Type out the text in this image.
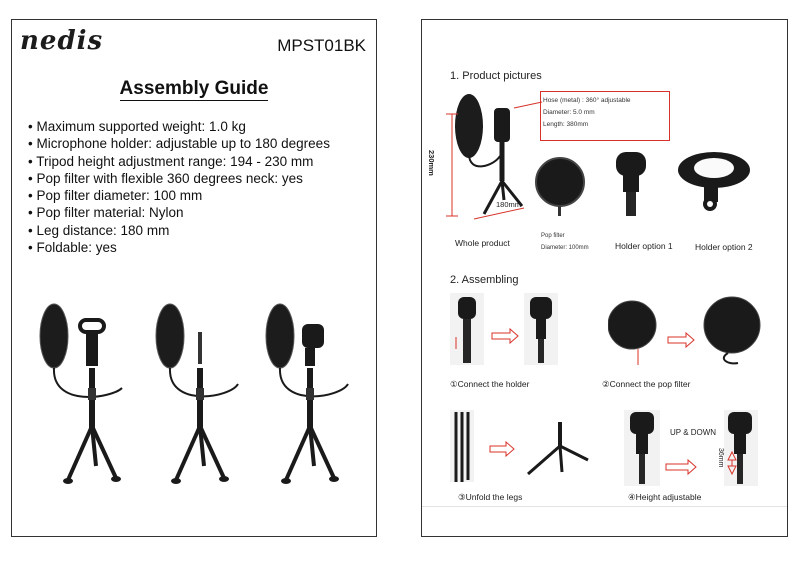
nedis	MPST01BK
Assembly Guide
• Maximum supported weight: 1.0 kg
• Microphone holder: adjustable up to 180 degrees
• Tripod height adjustment range: 194 - 230 mm
• Pop filter with flexible 360 degrees neck: yes
• Pop filter diameter: 100 mm
• Pop filter material: Nylon
• Leg distance: 180 mm
• Foldable: yes
1. Product pictures
230mm
180mm
Hose (metal) : 360° adjustable
Diameter: 5.0 mm
Length: 380mm
Whole product
Pop filter
Diameter: 100mm	Holder option 1	Holder option 2
2. Assembling
①Connect the holder	②Connect the pop filter
UP & DOWN
36mm
③Unfold the legs	④Height adjustable
